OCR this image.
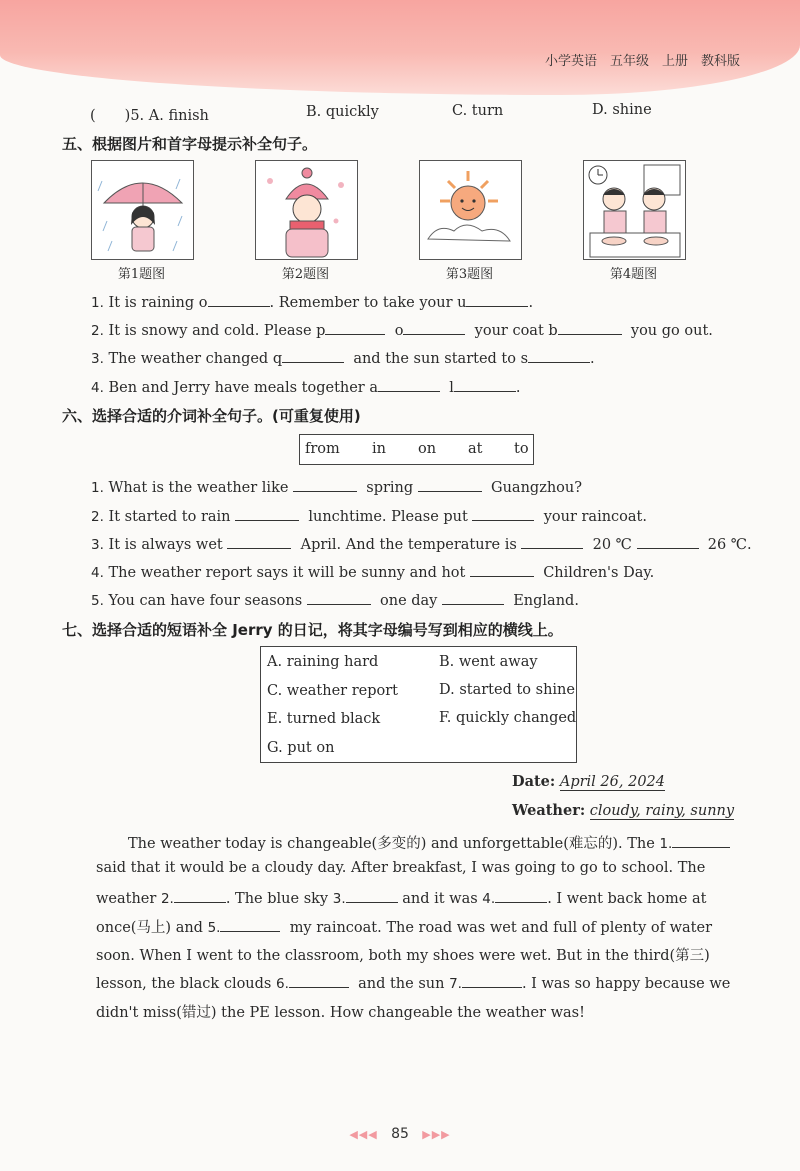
小学英语　五年级　上册　教科版
(　　)5. A. finish	B. quickly	C. turn	D. shine
五、根据图片和首字母提示补全句子。
第1题图	第2题图	第3题图	第4题图
1. It is raining o	. Remember to take your u	.
2. It is snowy and cold. Please p	o	your coat b	you go out.
3. The weather changed q	and the sun started to s	.
4. Ben and Jerry have meals together a	l	.
六、选择合适的介词补全句子。(可重复使用)
from in on at to
1. What is the weather like	spring	Guangzhou?
2. It started to rain	lunchtime. Please put	your raincoat.
3. It is always wet	April. And the temperature is	20 ℃	26 ℃.
4. The weather report says it will be sunny and hot	Children's Day.
5. You can have four seasons	one day	England.
七、选择合适的短语补全 Jerry 的日记，将其字母编号写到相应的横线上。
A. raining hard	B. went away
C. weather report	D. started to shine
E. turned black	F. quickly changed
G. put on
Date: April 26, 2024
Weather: cloudy, rainy, sunny
The weather today is changeable(多变的) and unforgettable(难忘的). The 1.
said that it would be a cloudy day. After breakfast, I was going to go to school. The
weather 2.	. The blue sky 3.	and it was 4.	. I went back home at
once(马上) and 5.	my raincoat. The road was wet and full of plenty of water
soon. When I went to the classroom, both my shoes were wet. But in the third(第三)
lesson, the black clouds 6.	and the sun 7.	. I was so happy because we
didn't miss(错过) the PE lesson. How changeable the weather was!
◀◀◀ 85 ▶▶▶
